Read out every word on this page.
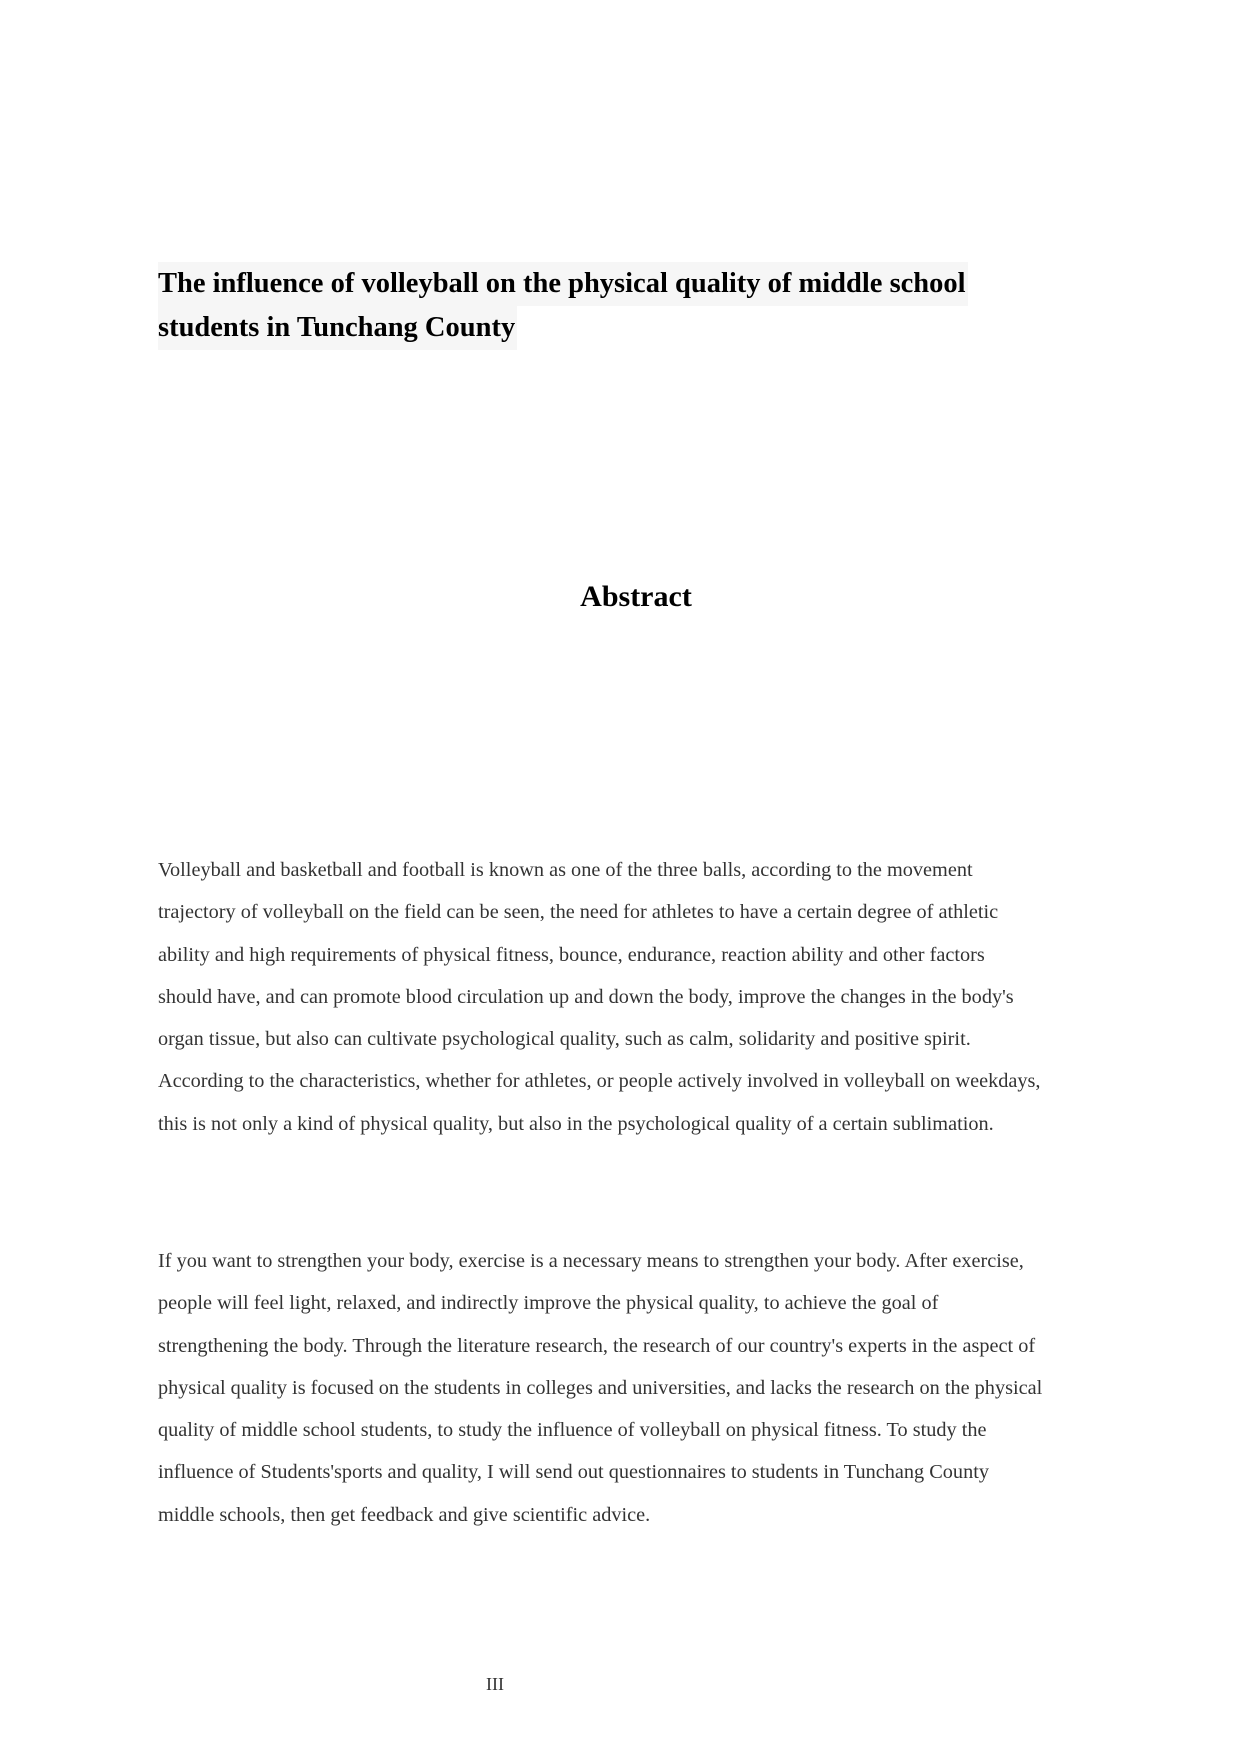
The influence of volleyball on the physical quality of middle school
students in Tunchang County
Abstract
Volleyball and basketball and football is known as one of the three balls, according to the movement
trajectory of volleyball on the field can be seen, the need for athletes to have a certain degree of athletic
ability and high requirements of physical fitness, bounce, endurance, reaction ability and other factors
should have, and can promote blood circulation up and down the body, improve the changes in the body's
organ tissue, but also can cultivate psychological quality, such as calm, solidarity and positive spirit.
According to the characteristics, whether for athletes, or people actively involved in volleyball on weekdays,
this is not only a kind of physical quality, but also in the psychological quality of a certain sublimation.
If you want to strengthen your body, exercise is a necessary means to strengthen your body. After exercise,
people will feel light, relaxed, and indirectly improve the physical quality, to achieve the goal of
strengthening the body. Through the literature research, the research of our country's experts in the aspect of
physical quality is focused on the students in colleges and universities, and lacks the research on the physical
quality of middle school students, to study the influence of volleyball on physical fitness. To study the
influence of Students'sports and quality, I will send out questionnaires to students in Tunchang County
middle schools, then get feedback and give scientific advice.
III
